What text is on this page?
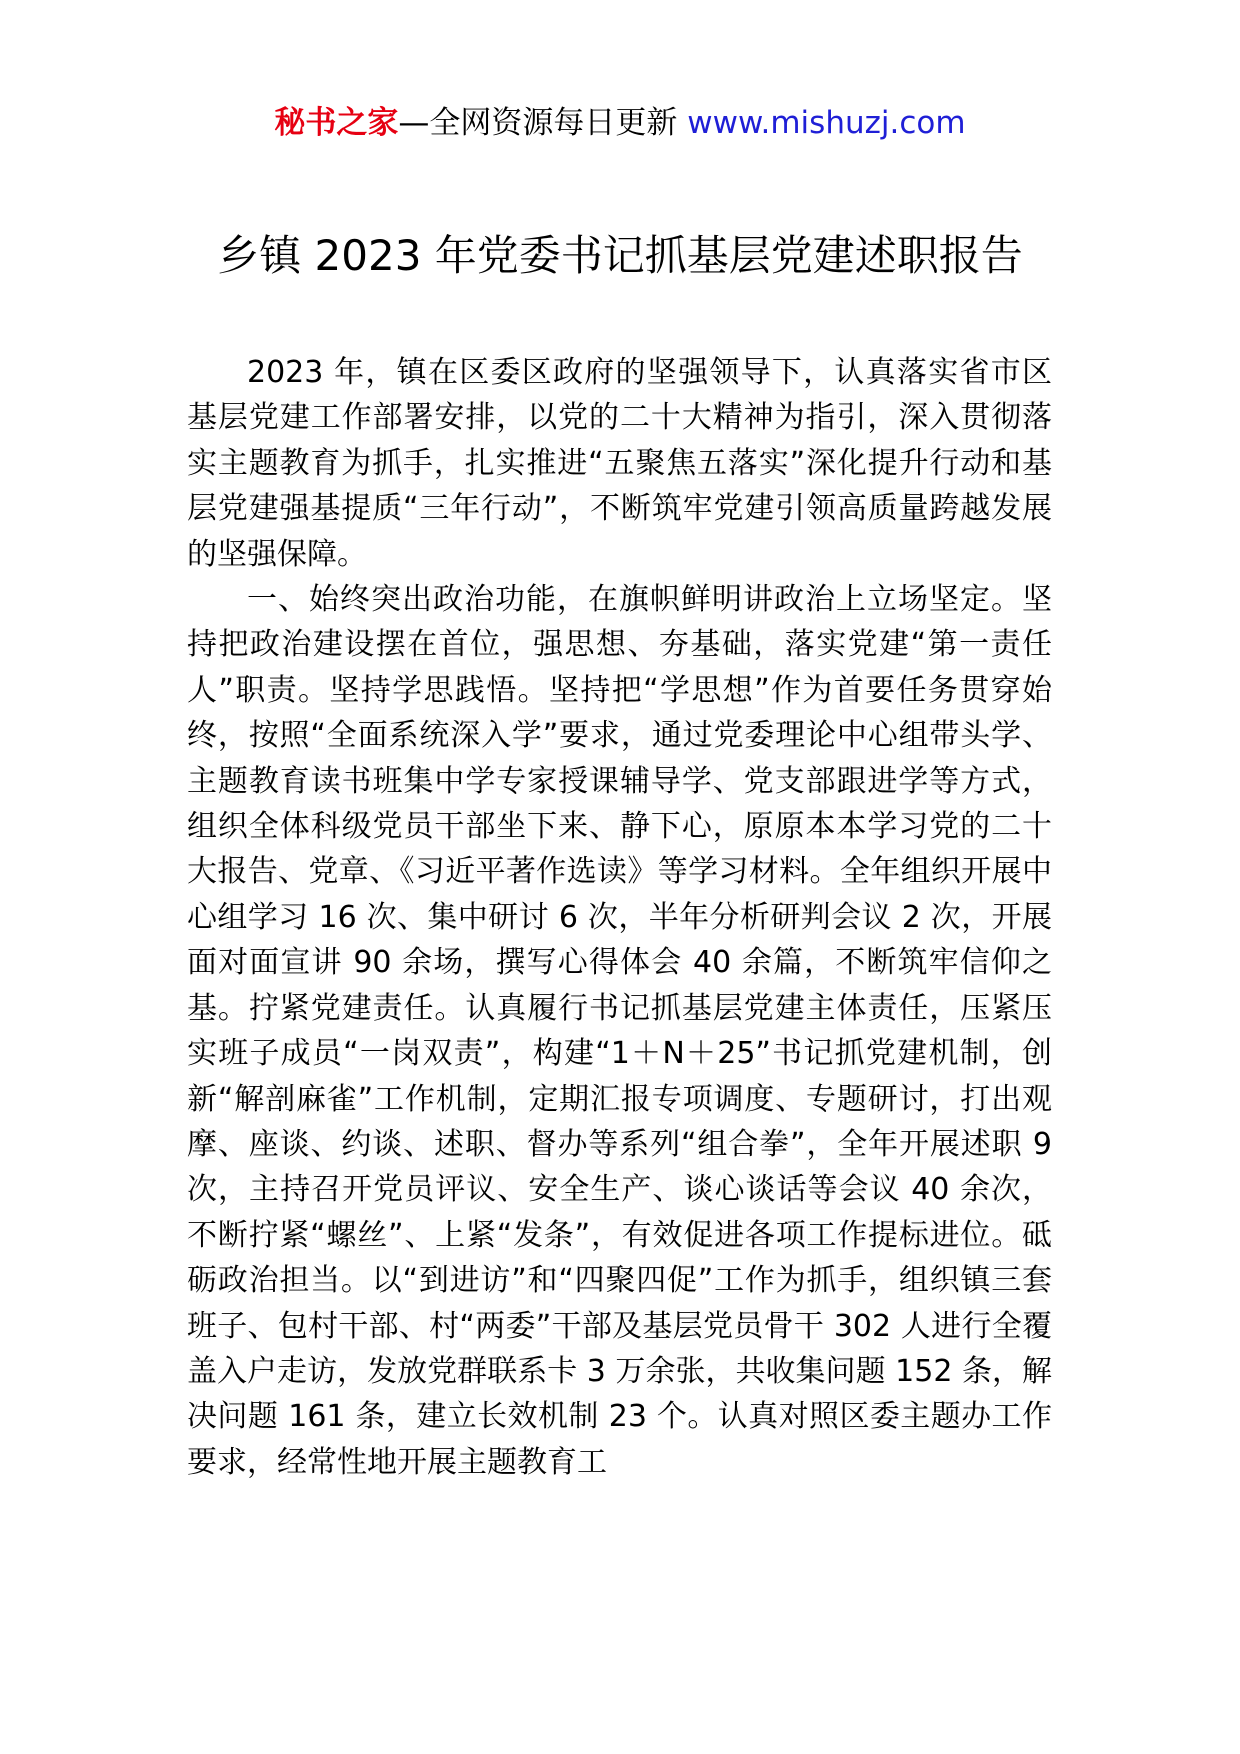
秘书之家—全网资源每日更新 www.mishuzj.com
乡镇 2023 年党委书记抓基层党建述职报告

2023 年，镇在区委区政府的坚强领导下，认真落实省市区基层党建工作部署安排，以党的二十大精神为指引，深入贯彻落实主题教育为抓手，扎实推进“五聚焦五落实”深化提升行动和基层党建强基提质“三年行动”，不断筑牢党建引领高质量跨越发展的坚强保障。

一、始终突出政治功能，在旗帜鲜明讲政治上立场坚定。坚持把政治建设摆在首位，强思想、夯基础，落实党建“第一责任人”职责。坚持学思践悟。坚持把“学思想”作为首要任务贯穿始终，按照“全面系统深入学”要求，通过党委理论中心组带头学、主题教育读书班集中学专家授课辅导学、党支部跟进学等方式，组织全体科级党员干部坐下来、静下心，原原本本学习党的二十大报告、党章、《习近平著作选读》等学习材料。全年组织开展中心组学习 16 次、集中研讨 6 次，半年分析研判会议 2 次，开展面对面宣讲 90 余场，撰写心得体会 40 余篇，不断筑牢信仰之基。拧紧党建责任。认真履行书记抓基层党建主体责任，压紧压实班子成员“一岗双责”，构建“1＋N＋25”书记抓党建机制，创新“解剖麻雀”工作机制，定期汇报专项调度、专题研讨，打出观摩、座谈、约谈、述职、督办等系列“组合拳”，全年开展述职 9 次，主持召开党员评议、安全生产、谈心谈话等会议 40 余次，不断拧紧“螺丝”、上紧“发条”，有效促进各项工作提标进位。砥砺政治担当。以“到进访”和“四聚四促”工作为抓手，组织镇三套班子、包村干部、村“两委”干部及基层党员骨干 302 人进行全覆盖入户走访，发放党群联系卡 3 万余张，共收集问题 152 条，解决问题 161 条，建立长效机制 23 个。认真对照区委主题办工作要求，经常性地开展主题教育工
